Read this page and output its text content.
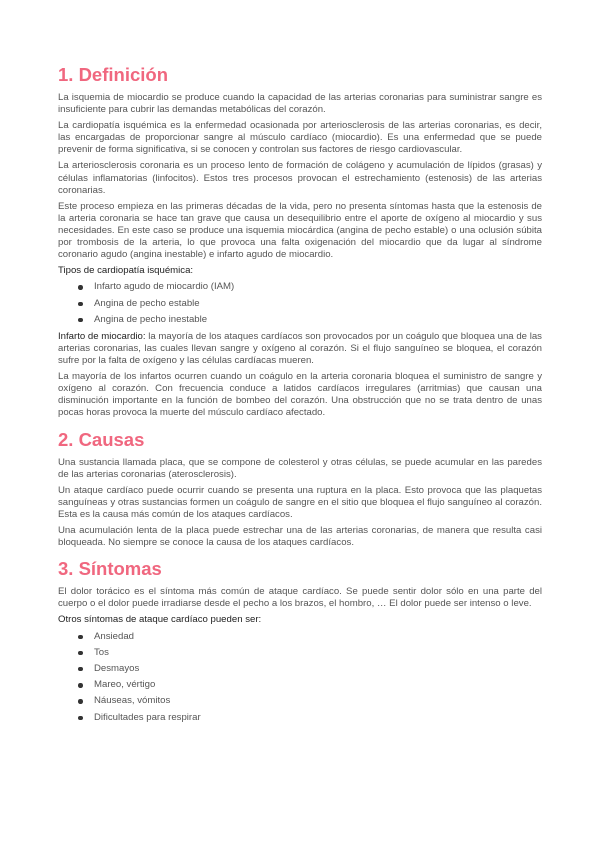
1. Definición

La isquemia de miocardio se produce cuando la capacidad de las arterias coronarias para suministrar sangre es insuficiente para cubrir las demandas metabólicas del corazón.

La cardiopatía isquémica es la enfermedad ocasionada por arteriosclerosis de las arterias coronarias, es decir, las encargadas de proporcionar sangre al músculo cardíaco (miocardio). Es una enfermedad que se puede prevenir de forma significativa, si se conocen y controlan sus factores de riesgo cardiovascular.

La arteriosclerosis coronaria es un proceso lento de formación de colágeno y acumulación de lípidos (grasas) y células inflamatorias (linfocitos). Estos tres procesos provocan el estrechamiento (estenosis) de las arterias coronarias.

Este proceso empieza en las primeras décadas de la vida, pero no presenta síntomas hasta que la estenosis de la arteria coronaria se hace tan grave que causa un desequilibrio entre el aporte de oxígeno al miocardio y sus necesidades. En este caso se produce una isquemia miocárdica (angina de pecho estable) o una oclusión súbita por trombosis de la arteria, lo que provoca una falta oxigenación del miocardio que da lugar al síndrome coronario agudo (angina inestable) e infarto agudo de miocardio.

Tipos de cardiopatía isquémica:

Infarto agudo de miocardio (IAM)
Angina de pecho estable
Angina de pecho inestable

Infarto de miocardio: la mayoría de los ataques cardíacos son provocados por un coágulo que bloquea una de las arterias coronarias, las cuales llevan sangre y oxígeno al corazón. Si el flujo sanguíneo se bloquea, el corazón sufre por la falta de oxígeno y las células cardíacas mueren.

La mayoría de los infartos ocurren cuando un coágulo en la arteria coronaria bloquea el suministro de sangre y oxígeno al corazón. Con frecuencia conduce a latidos cardíacos irregulares (arritmias) que causan una disminución importante en la función de bombeo del corazón. Una obstrucción que no se trata dentro de unas pocas horas provoca la muerte del músculo cardíaco afectado.

2. Causas

Una sustancia llamada placa, que se compone de colesterol y otras células, se puede acumular en las paredes de las arterias coronarias (aterosclerosis).

Un ataque cardíaco puede ocurrir cuando se presenta una ruptura en la placa. Esto provoca que las plaquetas sanguíneas y otras sustancias formen un coágulo de sangre en el sitio que bloquea el flujo sanguíneo al corazón. Esta es la causa más común de los ataques cardíacos.

Una acumulación lenta de la placa puede estrechar una de las arterias coronarias, de manera que resulta casi bloqueada. No siempre se conoce la causa de los ataques cardíacos.

3. Síntomas

El dolor torácico es el síntoma más común de ataque cardíaco. Se puede sentir dolor sólo en una parte del cuerpo o el dolor puede irradiarse desde el pecho a los brazos, el hombro, … El dolor puede ser intenso o leve.

Otros síntomas de ataque cardíaco pueden ser:

Ansiedad
Tos
Desmayos
Mareo, vértigo
Náuseas, vómitos
Dificultades para respirar
